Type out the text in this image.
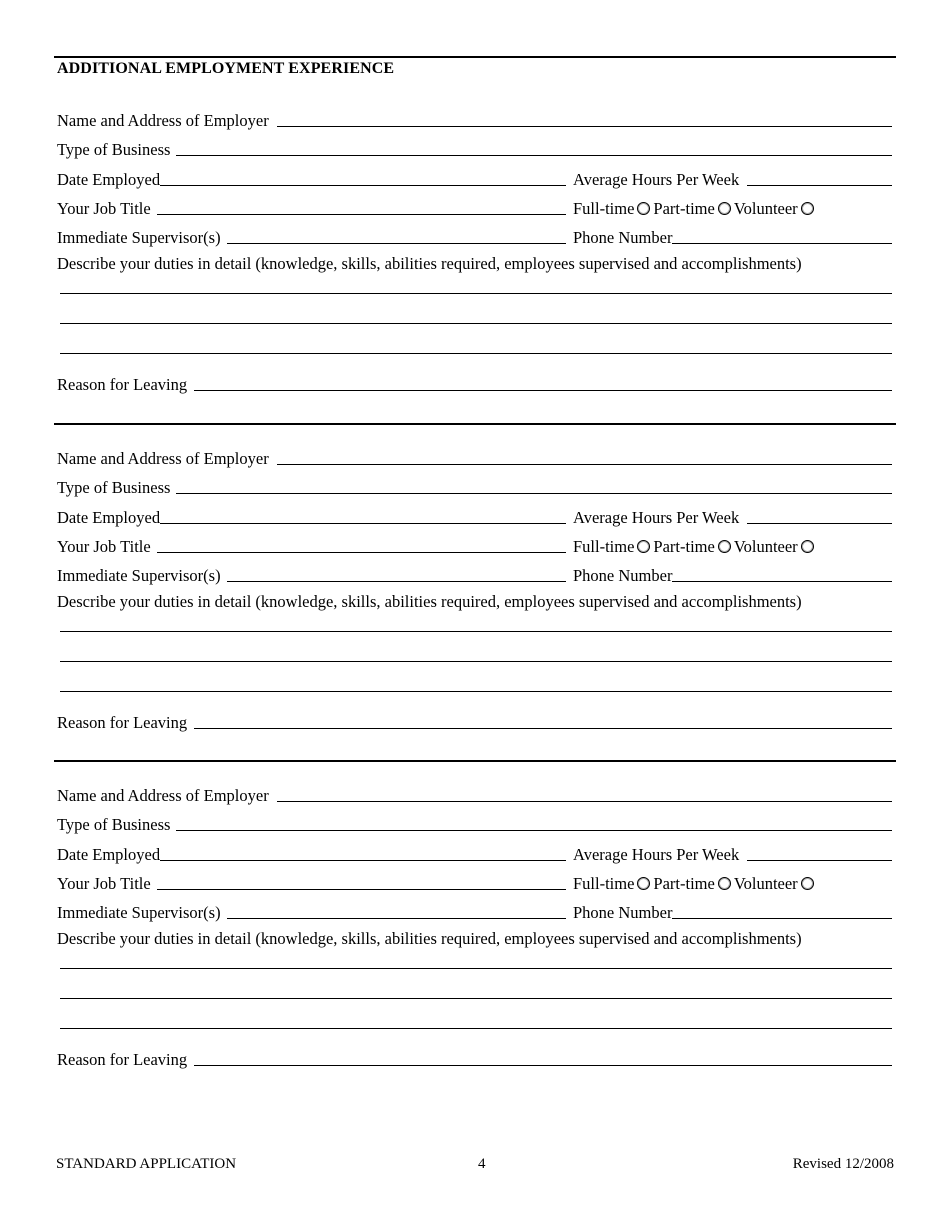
ADDITIONAL EMPLOYMENT EXPERIENCE
Name and Address of Employer
Type of Business
Date Employed	Average Hours Per Week
Your Job Title	Full-time Part-time Volunteer
Immediate Supervisor(s)	Phone Number
Describe your duties in detail (knowledge, skills, abilities required, employees supervised and accomplishments)
Reason for Leaving
Name and Address of Employer
Type of Business
Date Employed	Average Hours Per Week
Your Job Title	Full-time Part-time Volunteer
Immediate Supervisor(s)	Phone Number
Describe your duties in detail (knowledge, skills, abilities required, employees supervised and accomplishments)
Reason for Leaving
Name and Address of Employer
Type of Business
Date Employed	Average Hours Per Week
Your Job Title	Full-time Part-time Volunteer
Immediate Supervisor(s)	Phone Number
Describe your duties in detail (knowledge, skills, abilities required, employees supervised and accomplishments)
Reason for Leaving
STANDARD APPLICATION	4	Revised 12/2008
